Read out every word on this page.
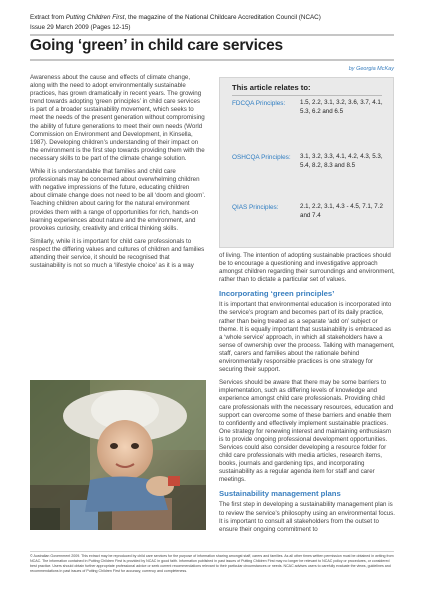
Extract from Putting Children First, the magazine of the National Childcare Accreditation Council (NCAC)
Issue 29 March 2009 (Pages 12-15)
Going ‘green’ in child care services
by Georgia McKay

Awareness about the cause and effects of climate change, along with the need to adopt environmentally sustainable practices, has grown dramatically in recent years. The growing trend towards adopting ‘green principles’ in child care services is part of a broader sustainability movement, which seeks to meet the needs of the present generation without compromising the ability of future generations to meet their own needs (World Commission on Environment and Development, in Kinsella, 1987). Developing children’s understanding of their impact on the environment is the first step towards providing them with the necessary skills to be part of the climate change solution.

While it is understandable that families and child care professionals may be concerned about overwhelming children with negative impressions of the future, educating children about climate change does not need to be all ‘doom and gloom’. Teaching children about caring for the natural environment provides them with a range of opportunities for rich, hands-on learning experiences about nature and the environment, and provokes curiosity, creativity and critical thinking skills.

Similarly, while it is important for child care professionals to respect the differing values and cultures of children and families attending their service, it should be recognised that sustainability is not so much a ‘lifestyle choice’ as it is a way

This article relates to:
FDCQA Principles: 1.5, 2.2, 3.1, 3.2, 3.6, 3.7, 4.1, 5.3, 6.2 and 6.5
OSHCQA Principles: 3.1, 3.2, 3.3, 4.1, 4.2, 4.3, 5.3, 5.4, 8.2, 8.3 and 8.5
QIAS Principles:	2.1, 2.2, 3.1, 4.3 - 4.5, 7.1, 7.2 and 7.4

of living. The intention of adopting sustainable practices should be to encourage a questioning and investigative approach amongst children regarding their surroundings and environment, rather than to dictate a particular set of values.

Incorporating ‘green principles’

It is important that environmental education is incorporated into the service’s program and becomes part of its daily practice, rather than being treated as a separate ‘add on’ subject or theme. It is equally important that sustainability is embraced as a ‘whole service’ approach, in which all stakeholders have a sense of ownership over the process. Talking with management, staff, carers and families about the rationale behind environmentally responsible practices is one strategy for securing their support.

Services should be aware that there may be some barriers to implementation, such as differing levels of knowledge and experience amongst child care professionals. Providing child care professionals with the necessary resources, education and support can overcome some of these barriers and enable them to confidently and effectively implement sustainable practices. One strategy for renewing interest and maintaining enthusiasm is to provide ongoing professional development opportunities. Services could also consider developing a resource folder for child care professionals with media articles, research items, books, journals and gardening tips, and incorporating sustainability as a regular agenda item for staff and carer meetings.

Sustainability management plans

The first step in developing a sustainability management plan is to review the service’s philosophy using an environmental focus. It is important to consult all stakeholders from the outset to ensure their ongoing commitment to

© Australian Government 2009. This extract may be reproduced by child care services for the purpose of information sharing amongst staff, carers and families. As all other times written permission must be obtained in writing from NCAC. The information contained in Putting Children First is provided by NCAC in good faith. Information published in past issues of Putting Children First may no longer be relevant to NCAC policy or procedures, or considered best practice. Users should obtain further appropriate professional advice or seek current recommendations relevant to their particular circumstances or needs. NCAC advises users to carefully evaluate the views, guidelines and recommendations in past issues of Putting Children First for accuracy, currency and completeness.
